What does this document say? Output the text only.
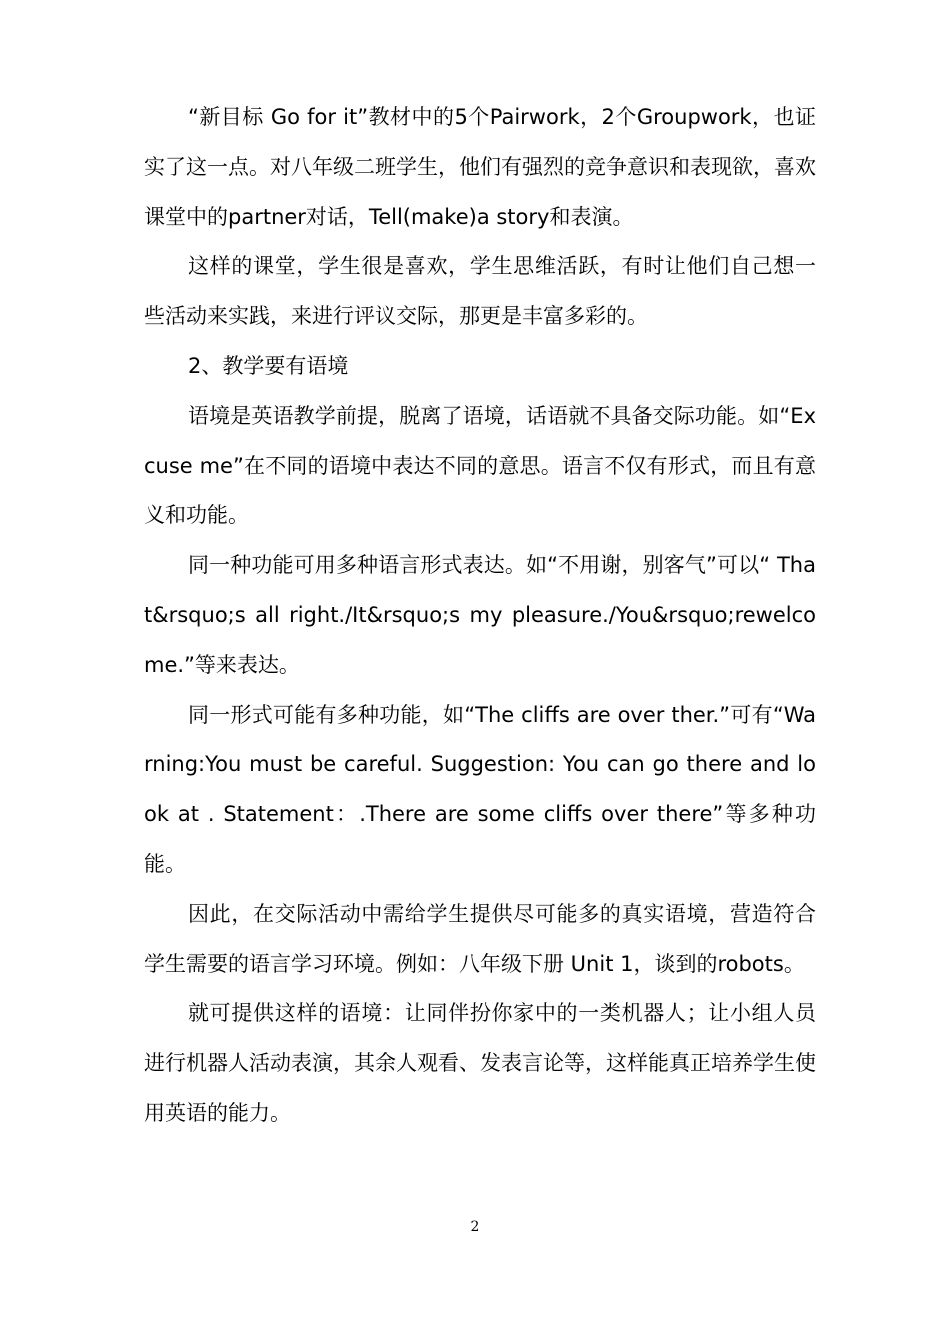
“新目标 Go for it”教材中的5个Pairwork，2个Groupwork，也证实了这一点。对八年级二班学生，他们有强烈的竞争意识和表现欲，喜欢课堂中的partner对话，Tell(make)a story和表演。

这样的课堂，学生很是喜欢，学生思维活跃，有时让他们自己想一些活动来实践，来进行评议交际，那更是丰富多彩的。

2、教学要有语境

语境是英语教学前提，脱离了语境，话语就不具备交际功能。如“Excuse me”在不同的语境中表达不同的意思。语言不仅有形式，而且有意义和功能。

同一种功能可用多种语言形式表达。如“不用谢，别客气”可以“ That&rsquo;s all right./It&rsquo;s my pleasure./You&rsquo;rewelcome.”等来表达。

同一形式可能有多种功能，如“The cliffs are over ther.”可有“Warning:You must be careful. Suggestion: You can go there and look at . Statement：.There are some cliffs over there”等多种功能。

因此，在交际活动中需给学生提供尽可能多的真实语境，营造符合学生需要的语言学习环境。例如：八年级下册 Unit 1，谈到的robots。

就可提供这样的语境：让同伴扮你家中的一类机器人；让小组人员进行机器人活动表演，其余人观看、发表言论等，这样能真正培养学生使用英语的能力。

2
